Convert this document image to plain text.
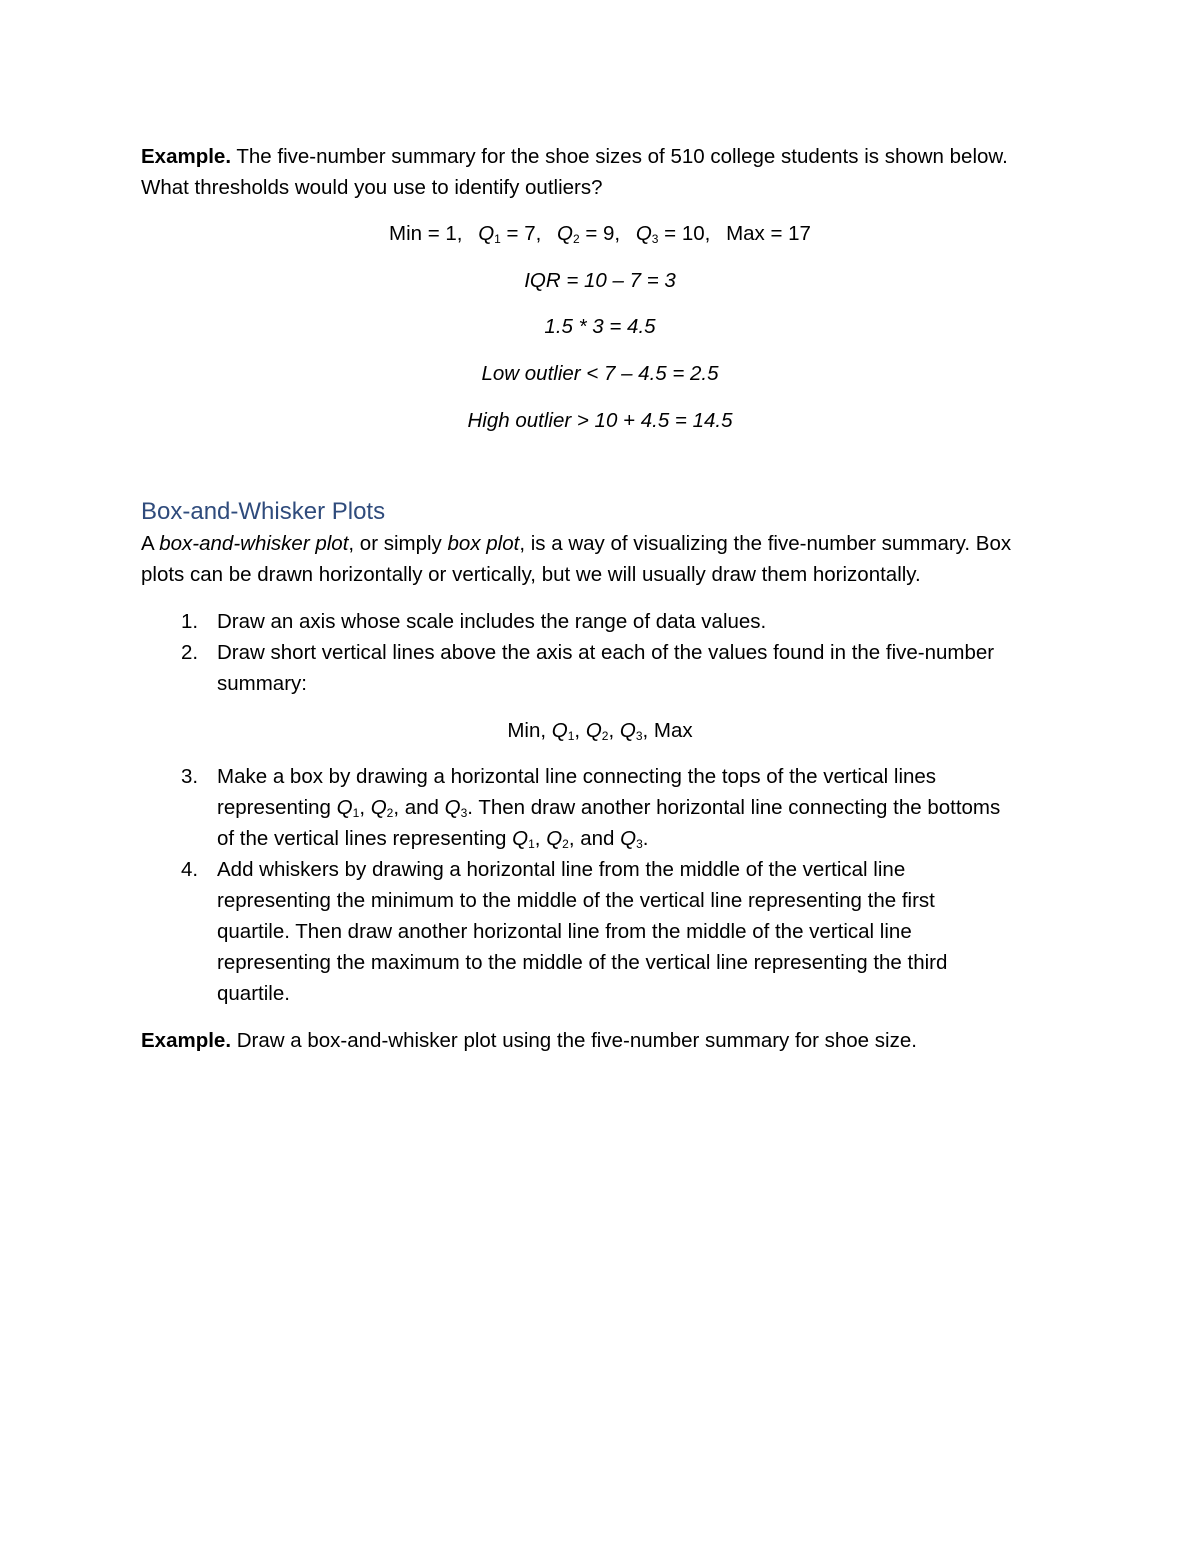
Example. The five-number summary for the shoe sizes of 510 college students is shown below.
What thresholds would you use to identify outliers?
Min = 1, $Q_1 = 7$, $Q_2 = 9$, $Q_3 = 10$, Max = 17
IQR = 10 – 7 = 3
1.5 * 3 = 4.5
Low outlier < 7 – 4.5 = 2.5
High outlier > 10 + 4.5 = 14.5
Box-and-Whisker Plots
A box-and-whisker plot, or simply box plot, is a way of visualizing the five-number summary. Box
plots can be drawn horizontally or vertically, but we will usually draw them horizontally.
1. Draw an axis whose scale includes the range of data values.
2. Draw short vertical lines above the axis at each of the values found in the five-number
summary:
Min, $Q_1$, $Q_2$, $Q_3$, Max
3. Make a box by drawing a horizontal line connecting the tops of the vertical lines
representing $Q_1$, $Q_2$, and $Q_3$. Then draw another horizontal line connecting the bottoms
of the vertical lines representing $Q_1$, $Q_2$, and $Q_3$.
4. Add whiskers by drawing a horizontal line from the middle of the vertical line
representing the minimum to the middle of the vertical line representing the first
quartile. Then draw another horizontal line from the middle of the vertical line
representing the maximum to the middle of the vertical line representing the third
quartile.
Example. Draw a box-and-whisker plot using the five-number summary for shoe size.
